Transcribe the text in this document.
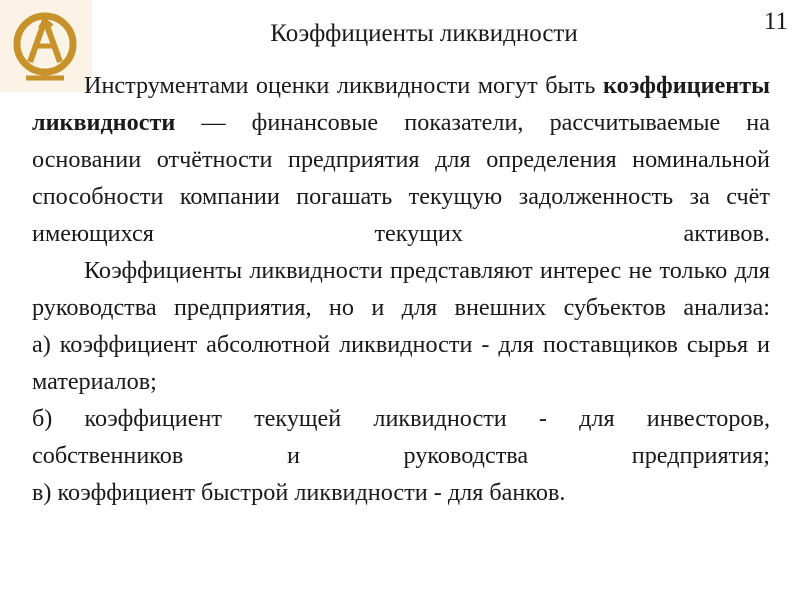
Коэффициенты ликвидности	11

Инструментами оценки ликвидности могут быть коэффициенты ликвидности — финансовые показатели, рассчитываемые на основании отчётности предприятия для определения номинальной способности компании погашать текущую задолженность за счёт имеющихся текущих активов.

Коэффициенты ликвидности представляют интерес не только для руководства предприятия, но и для внешних субъектов анализа:

а) коэффициент абсолютной ликвидности - для поставщиков сырья и материалов;

б) коэффициент текущей ликвидности - для инвесторов, собственников и руководства предприятия;

в) коэффициент быстрой ликвидности - для банков.
